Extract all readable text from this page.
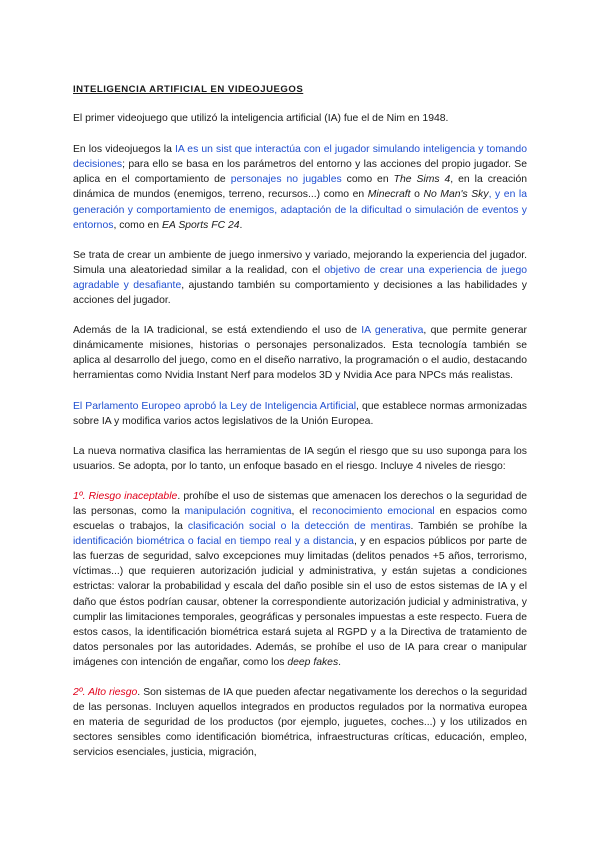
INTELIGENCIA ARTIFICIAL EN VIDEOJUEGOS

El primer videojuego que utilizó la inteligencia artificial (IA) fue el de Nim en 1948.

En los videojuegos la IA es un sist que interactúa con el jugador simulando inteligencia y tomando decisiones; para ello se basa en los parámetros del entorno y las acciones del propio jugador. Se aplica en el comportamiento de personajes no jugables como en The Sims 4, en la creación dinámica de mundos (enemigos, terreno, recursos...) como en Minecraft o No Man's Sky, y en la generación y comportamiento de enemigos, adaptación de la dificultad o simulación de eventos y entornos, como en EA Sports FC 24.

Se trata de crear un ambiente de juego inmersivo y variado, mejorando la experiencia del jugador. Simula una aleatoriedad similar a la realidad, con el objetivo de crear una experiencia de juego agradable y desafiante, ajustando también su comportamiento y decisiones a las habilidades y acciones del jugador.

Además de la IA tradicional, se está extendiendo el uso de IA generativa, que permite generar dinámicamente misiones, historias o personajes personalizados. Esta tecnología también se aplica al desarrollo del juego, como en el diseño narrativo, la programación o el audio, destacando herramientas como Nvidia Instant Nerf para modelos 3D y Nvidia Ace para NPCs más realistas.

El Parlamento Europeo aprobó la Ley de Inteligencia Artificial, que establece normas armonizadas sobre IA y modifica varios actos legislativos de la Unión Europea.

La nueva normativa clasifica las herramientas de IA según el riesgo que su uso suponga para los usuarios. Se adopta, por lo tanto, un enfoque basado en el riesgo. Incluye 4 niveles de riesgo:

1º. Riesgo inaceptable. prohíbe el uso de sistemas que amenacen los derechos o la seguridad de las personas, como la manipulación cognitiva, el reconocimiento emocional en espacios como escuelas o trabajos, la clasificación social o la detección de mentiras. También se prohíbe la identificación biométrica o facial en tiempo real y a distancia, y en espacios públicos por parte de las fuerzas de seguridad, salvo excepciones muy limitadas (delitos penados +5 años, terrorismo, víctimas...) que requieren autorización judicial y administrativa, y están sujetas a condiciones estrictas: valorar la probabilidad y escala del daño posible sin el uso de estos sistemas de IA y el daño que éstos podrían causar, obtener la correspondiente autorización judicial y administrativa, y cumplir las limitaciones temporales, geográficas y personales impuestas a este respecto. Fuera de estos casos, la identificación biométrica estará sujeta al RGPD y a la Directiva de tratamiento de datos personales por las autoridades. Además, se prohíbe el uso de IA para crear o manipular imágenes con intención de engañar, como los deep fakes.

2º. Alto riesgo. Son sistemas de IA que pueden afectar negativamente los derechos o la seguridad de las personas. Incluyen aquellos integrados en productos regulados por la normativa europea en materia de seguridad de los productos (por ejemplo, juguetes, coches...) y los utilizados en sectores sensibles como identificación biométrica, infraestructuras críticas, educación, empleo, servicios esenciales, justicia, migración,
